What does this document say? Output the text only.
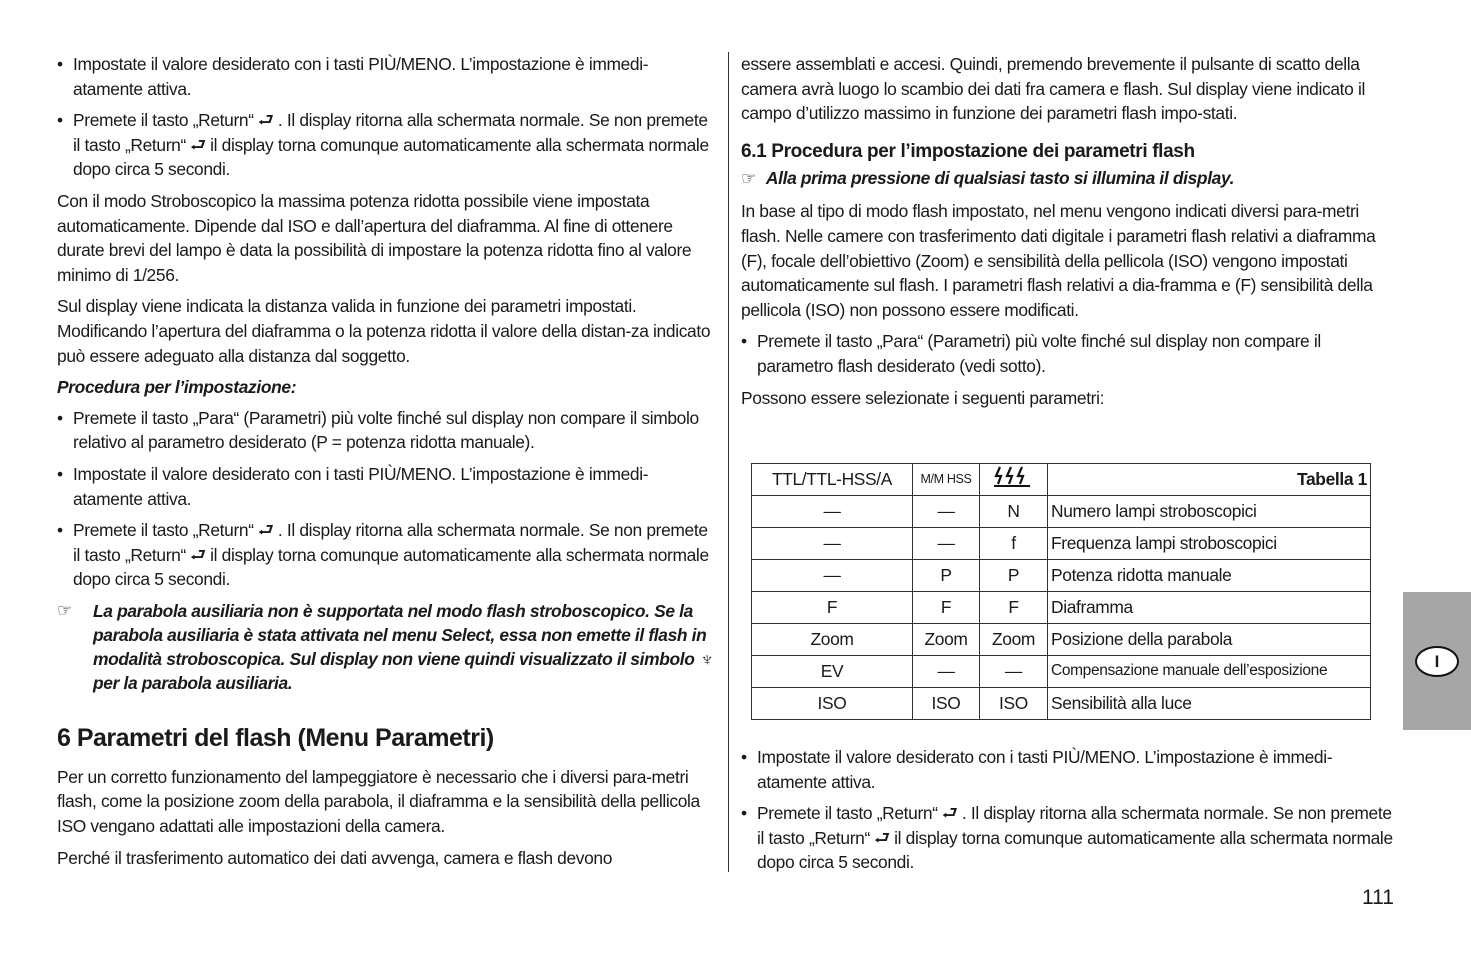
• Impostate il valore desiderato con i tasti PIÙ/MENO. L’impostazione è immedi-atamente attiva.

• Premete il tasto „Return“ ⮐ . Il display ritorna alla schermata normale. Se non premete il tasto „Return“ ⮐ il display torna comunque automaticamente alla schermata normale dopo circa 5 secondi.

Con il modo Stroboscopico la massima potenza ridotta possibile viene impostata automaticamente. Dipende dal ISO e dall’apertura del diaframma. Al fine di ottenere durate brevi del lampo è data la possibilità di impostare la potenza ridotta fino al valore minimo di 1/256.

Sul display viene indicata la distanza valida in funzione dei parametri impostati. Modificando l’apertura del diaframma o la potenza ridotta il valore della distan-za indicato può essere adeguato alla distanza dal soggetto.

Procedura per l’impostazione:

• Premete il tasto „Para“ (Parametri) più volte finché sul display non compare il simbolo relativo al parametro desiderato (P = potenza ridotta manuale).

• Impostate il valore desiderato con i tasti PIÙ/MENO. L’impostazione è immedi-atamente attiva.

• Premete il tasto „Return“ ⮐ . Il display ritorna alla schermata normale. Se non premete il tasto „Return“ ⮐ il display torna comunque automaticamente alla schermata normale dopo circa 5 secondi.

☞ La parabola ausiliaria non è supportata nel modo flash stroboscopico. Se la parabola ausiliaria è stata attivata nel menu Select, essa non emette il flash in modalità stroboscopica. Sul display non viene quindi visualizzato il simbolo ♆ per la parabola ausiliaria.

6 Parametri del flash (Menu Parametri)

Per un corretto funzionamento del lampeggiatore è necessario che i diversi para-metri flash, come la posizione zoom della parabola, il diaframma e la sensibilità della pellicola ISO vengano adattati alle impostazioni della camera.

Perché il trasferimento automatico dei dati avvenga, camera e flash devono

essere assemblati e accesi. Quindi, premendo brevemente il pulsante di scatto della camera avrà luogo lo scambio dei dati fra camera e flash. Sul display viene indicato il campo d’utilizzo massimo in funzione dei parametri flash impo-stati.

6.1 Procedura per l’impostazione dei parametri flash

☞ Alla prima pressione di qualsiasi tasto si illumina il display.

In base al tipo di modo flash impostato, nel menu vengono indicati diversi para-metri flash. Nelle camere con trasferimento dati digitale i parametri flash relativi a diaframma (F), focale dell’obiettivo (Zoom) e sensibilità della pellicola (ISO) vengono impostati automaticamente sul flash. I parametri flash relativi a dia-framma e (F) sensibilità della pellicola (ISO) non possono essere modificati.

• Premete il tasto „Para“ (Parametri) più volte finché sul display non compare il parametro flash desiderato (vedi sotto).

Possono essere selezionate i seguenti parametri:

TTL/TTL-HSS/A	M/M HSS		Tabella 1
—	—	N	Numero lampi stroboscopici
—	—	f	Frequenza lampi stroboscopici
—	P	P	Potenza ridotta manuale
F	F	F	Diaframma
Zoom	Zoom	Zoom	Posizione della parabola
EV	—	—	Compensazione manuale dell’esposizione
ISO	ISO	ISO	Sensibilità alla luce

• Impostate il valore desiderato con i tasti PIÙ/MENO. L’impostazione è immedi-atamente attiva.

• Premete il tasto „Return“ ⮐ . Il display ritorna alla schermata normale. Se non premete il tasto „Return“ ⮐ il display torna comunque automaticamente alla schermata normale dopo circa 5 secondi.

I
111
